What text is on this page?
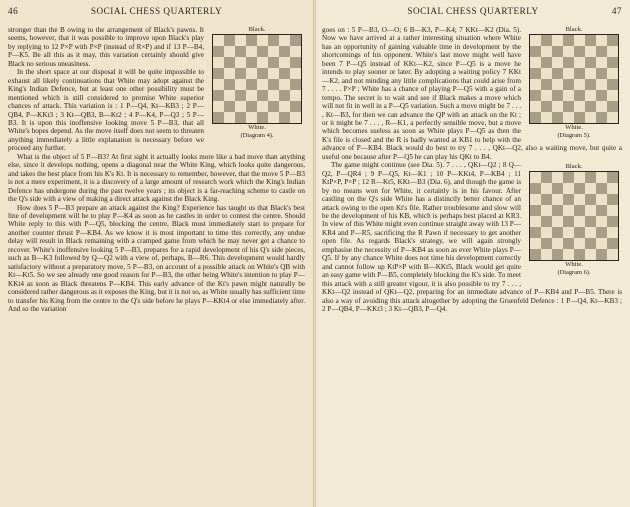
46	SOCIAL CHESS QUARTERLY
Black.
White.
(Diagram 4).

stronger than the B owing to the arrangement of Black's pawns. It seems, however, that it was possible to improve upon Black's play by replying to 12 P×P with P×P (instead of R×P) and if 13 P—B4, P—K5. Be all this as it may, this variation certainly should give Black no serious uneasiness.

In the short space at our disposal it will be quite impossible to exhaust all likely continuations that White may adopt against the King's Indian Defence, but at least one other possibility must be mentioned which is still considered to promise White superior chances of attack. This variation is : 1 P—Q4, Kt—KB3 ; 2 P—QB4, P—KKt3 ; 3 Kt—QB3, B—Kt2 ; 4 P—K4, P—Q3 ; 5 P—B3. It is upon this inoffensive looking move 5 P—B3, that all White's hopes depend. As the move itself does not seem to threaten anything immediately a little explanation is necessary before we proceed any further.

What is the object of 5 P—B3? At first sight it actually looks more like a bad move than anything else, since it develops nothing, opens a diagonal near the White King, which looks quite dangerous, and takes the best place from his K's Kt. It is necessary to remember, however, that the move 5 P—B3 is not a mere experiment, it is a discovery of a large amount of research work which the King's Indian Defence has undergone during the past twelve years ; its object is a far-reaching scheme to castle on the Q's side with a view of making a direct attack against the Black King.

How does 5 P—B3 prepare an attack against the King? Experience has taught us that Black's best line of development will be to play P—K4 as soon as he castles in order to contest the centre. Should White reply to this with P—Q5, blocking the centre, Black must immediately start to prepare for another counter thrust P—KB4. As we know it is most important to time this correctly, any undue delay will result in Black remaining with a cramped game from which he may never get a chance to recover. White's inoffensive looking 5 P—B3, prepares for a rapid development of his Q's side pieces, such as B—K3 followed by Q—Q2 with a view of, perhaps, B—R6. This development would hardly satisfactory without a preparatory move, 5 P—B3, on account of a possible attack on White's QB with Kt—Kt5. So we see already one good reason for P—B3, the other being White's intention to play P—KKt4 as soon as Black threatens P—KB4. This early advance of the Kt's pawn might naturally be considered rather dangerous as it exposes the King, but it is not so, as White usually has sufficient time to transfer his King from the centre to the Q's side before he plays P—KKt4 or else immediately after. And so the variation

SOCIAL CHESS QUARTERLY	47
Black.
White.
(Diagram 5).

goes on : 5 P—B3, O—O; 6 B—K3, P—K4; 7 KKt—K2 (Dia. 5). Now we have arrived at a rather interesting situation where White has an opportunity of gaining valuable time in development by the shortcomings of his opponent. White's last move might well have been 7 P—Q5 instead of KKt—K2, since P—Q5 is a move he intends to play sooner or later. By adopting a waiting policy 7 KKt—K2, and not minding any little complications that could arise from 7 . . . . P×P ; White has a chance of playing P—Q5 with a gain of a tempo. The secret is to wait and see if Black makes a move which will not fit in well in a P—Q5 variation. Such a move might be 7 . . . , Kt—B3, for then we can advance the QP with an attack on the Kt ; or it might be 7 . . . , R—K1, a perfectly sensible move, but a move which becomes useless as soon as White plays P—Q5 as then the K's file is closed and the R is badly wanted at KB1 to help with the advance of P—KB4. Black would do best to try 7 . . . , QKt—Q2, also a waiting move, but quite a useful one because after P—Q5 he can play his QKt to B4.

Black.
White.
(Diagram 6).

The game might continue (see Dia. 5). 7 . . . , QKt—Q2 ; 8 Q—Q2, P—QR4 ; 9 P—Q5, Kt—K1 ; 10 P—KKt4, P—KB4 ; 11 KtP×P, P×P ; 12 R—Kt5, KKt—B3 (Dia. 6), and though the game is by no means won for White, it certainly is in his favour. After castling on the Q's side White has a distinctly better chance of an attack owing to the open Kt's file. Rather troublesome and slow will be the development of his KB, which is perhaps best placed at KR3. In view of this White might even continue straight away with 13 P—KR4 and P—R5, sacrificing the R Pawn if necessary to get another open file. As regards Black's strategy, we will again strongly emphasise the necessity of P—KB4 as soon as ever White plays P—Q5. If by any chance White does not time his development correctly and cannot follow up KtP×P with B—KKt5, Black would get quite an easy game with P—B5, completely blocking the K's side. To meet this attack with a still greater vigour, it is also possible to try 7 . . . , KKt—Q2 instead of QKt—Q2, preparing for an immediate advance of P—KB4 and P—B5. There is also a way of avoiding this attack altogether by adopting the Gruenfeld Defence : 1 P—Q4, Kt—KB3 ; 2 P—QB4, P—KKt3 ; 3 Kt—QB3, P—Q4.
